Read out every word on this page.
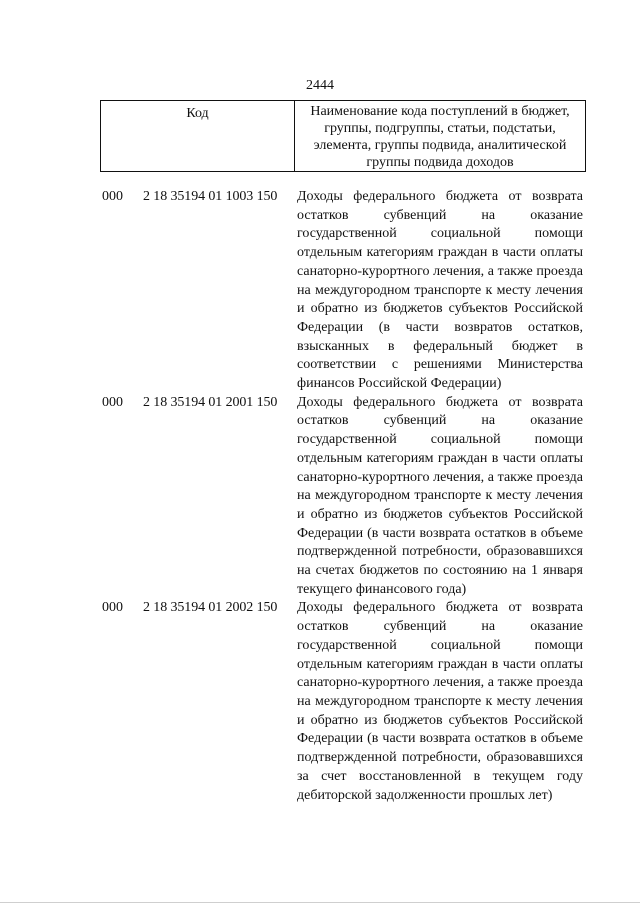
2444
Код	Наименование кода поступлений в бюджет, группы, подгруппы, статьи, подстатьи, элемента, группы подвида, аналитической группы подвида доходов
000 2 18 35194 01 1003 150 Доходы федерального бюджета от возврата остатков субвенций на оказание государственной социальной помощи отдельным категориям граждан в части оплаты санаторно-курортного лечения, а также проезда на междугородном транспорте к месту лечения и обратно из бюджетов субъектов Российской Федерации (в части возвратов остатков, взысканных в федеральный бюджет в соответствии с решениями Министерства финансов Российской Федерации)
000 2 18 35194 01 2001 150 Доходы федерального бюджета от возврата остатков субвенций на оказание государственной социальной помощи отдельным категориям граждан в части оплаты санаторно-курортного лечения, а также проезда на междугородном транспорте к месту лечения и обратно из бюджетов субъектов Российской Федерации (в части возврата остатков в объеме подтвержденной потребности, образовавшихся на счетах бюджетов по состоянию на 1 января текущего финансового года)
000 2 18 35194 01 2002 150 Доходы федерального бюджета от возврата остатков субвенций на оказание государственной социальной помощи отдельным категориям граждан в части оплаты санаторно-курортного лечения, а также проезда на междугородном транспорте к месту лечения и обратно из бюджетов субъектов Российской Федерации (в части возврата остатков в объеме подтвержденной потребности, образовавшихся за счет восстановленной в текущем году дебиторской задолженности прошлых лет)
